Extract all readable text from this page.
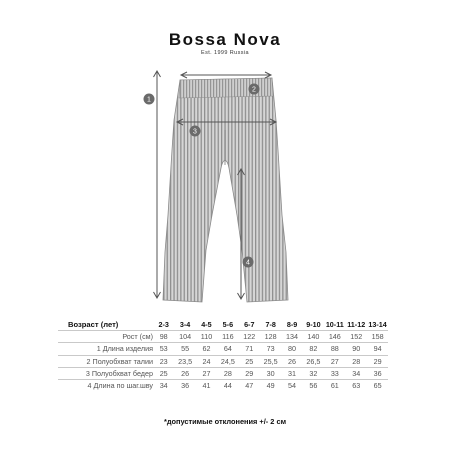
Bossa Nova
Est. 1999 Russia
1
2
3
4
Возраст (лет)	2-3	3-4	4-5	5-6	6-7	7-8	8-9	9-10	10-11	11-12	13-14
Рост (см)	98	104	110	116	122	128	134	140	146	152	158
1 Длина изделия	53	55	62	64	71	73	80	82	88	90	94
2 Полуобхват талии	23	23,5	24	24,5	25	25,5	26	26,5	27	28	29
3 Полуобхват бедер	25	26	27	28	29	30	31	32	33	34	36
4 Длина по шаг.шву	34	36	41	44	47	49	54	56	61	63	65
*допустимые отклонения +/- 2 см
